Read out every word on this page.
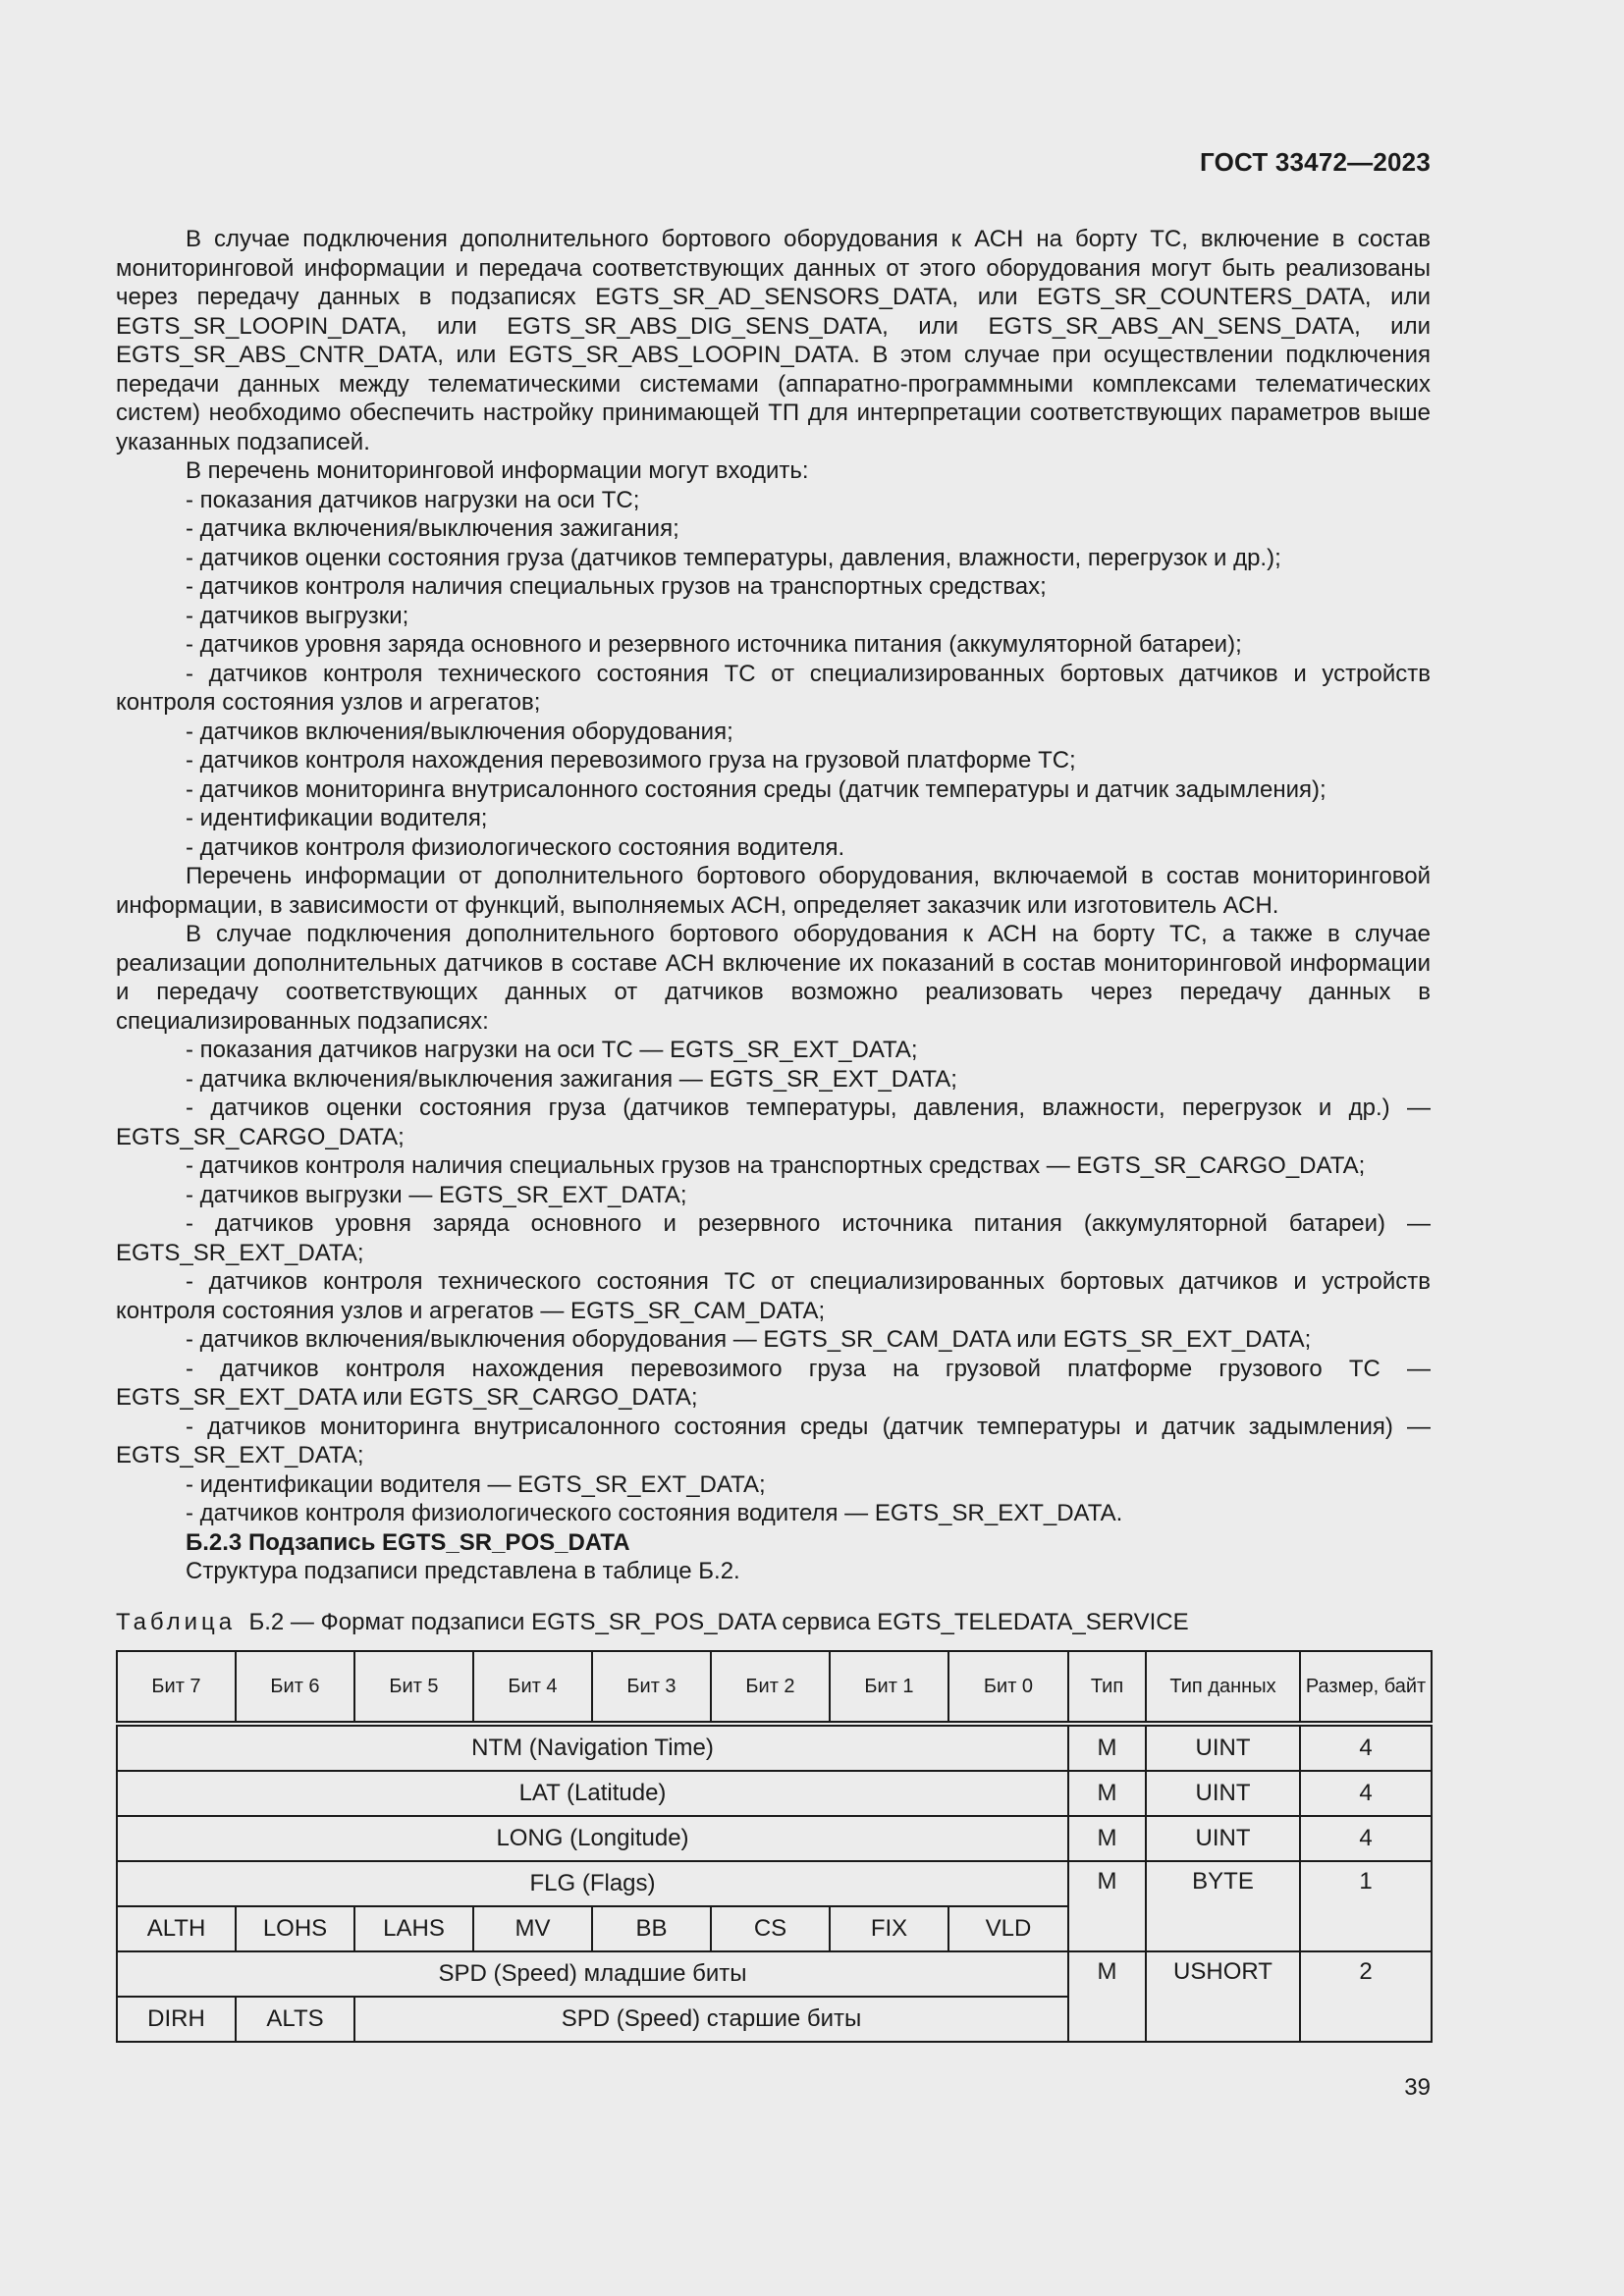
ГОСТ 33472—2023

В случае подключения дополнительного бортового оборудования к АСН на борту ТС, включение в состав мониторинговой информации и передача соответствующих данных от этого оборудования могут быть реализованы через передачу данных в подзаписях EGTS_SR_AD_SENSORS_DATA, или EGTS_SR_COUNTERS_DATA, или EGTS_SR_LOOPIN_DATA, или EGTS_SR_ABS_DIG_SENS_DATA, или EGTS_SR_ABS_AN_SENS_DATA, или EGTS_SR_ABS_CNTR_DATA, или EGTS_SR_ABS_LOOPIN_DATA. В этом случае при осуществлении подключения передачи данных между телематическими системами (аппаратно-программными комплексами телематических систем) необходимо обеспечить настройку принимающей ТП для интерпретации соответствующих параметров выше указанных подзаписей.

В перечень мониторинговой информации могут входить:

- показания датчиков нагрузки на оси ТС;

- датчика включения/выключения зажигания;

- датчиков оценки состояния груза (датчиков температуры, давления, влажности, перегрузок и др.);

- датчиков контроля наличия специальных грузов на транспортных средствах;

- датчиков выгрузки;

- датчиков уровня заряда основного и резервного источника питания (аккумуляторной батареи);

- датчиков контроля технического состояния ТС от специализированных бортовых датчиков и устройств контроля состояния узлов и агрегатов;

- датчиков включения/выключения оборудования;

- датчиков контроля нахождения перевозимого груза на грузовой платформе ТС;

- датчиков мониторинга внутрисалонного состояния среды (датчик температуры и датчик задымления);

- идентификации водителя;

- датчиков контроля физиологического состояния водителя.

Перечень информации от дополнительного бортового оборудования, включаемой в состав мониторинговой информации, в зависимости от функций, выполняемых АСН, определяет заказчик или изготовитель АСН.

В случае подключения дополнительного бортового оборудования к АСН на борту ТС, а также в случае реализации дополнительных датчиков в составе АСН включение их показаний в состав мониторинговой информации и передачу соответствующих данных от датчиков возможно реализовать через передачу данных в специализированных подзаписях:

- показания датчиков нагрузки на оси ТС — EGTS_SR_EXT_DATA;

- датчика включения/выключения зажигания — EGTS_SR_EXT_DATA;

- датчиков оценки состояния груза (датчиков температуры, давления, влажности, перегрузок и др.) — EGTS_SR_CARGO_DATA;

- датчиков контроля наличия специальных грузов на транспортных средствах — EGTS_SR_CARGO_DATA;

- датчиков выгрузки — EGTS_SR_EXT_DATA;

- датчиков уровня заряда основного и резервного источника питания (аккумуляторной батареи) — EGTS_SR_EXT_DATA;

- датчиков контроля технического состояния ТС от специализированных бортовых датчиков и устройств контроля состояния узлов и агрегатов — EGTS_SR_CAM_DATA;

- датчиков включения/выключения оборудования — EGTS_SR_CAM_DATA или EGTS_SR_EXT_DATA;

- датчиков контроля нахождения перевозимого груза на грузовой платформе грузового ТС — EGTS_SR_EXT_DATA или EGTS_SR_CARGO_DATA;

- датчиков мониторинга внутрисалонного состояния среды (датчик температуры и датчик задымления) — EGTS_SR_EXT_DATA;

- идентификации водителя — EGTS_SR_EXT_DATA;

- датчиков контроля физиологического состояния водителя — EGTS_SR_EXT_DATA.

Б.2.3 Подзапись EGTS_SR_POS_DATA

Структура подзаписи представлена в таблице Б.2.

Таблица Б.2 — Формат подзаписи EGTS_SR_POS_DATA сервиса EGTS_TELEDATA_SERVICE
Бит 7	Бит 6	Бит 5	Бит 4	Бит 3	Бит 2	Бит 1	Бит 0	Тип	Тип данных	Размер, байт
NTM (Navigation Time)								M	UINT	4
LAT (Latitude)								M	UINT	4
LONG (Longitude)								M	UINT	4
FLG (Flags)								M	BYTE	1
ALTH	LOHS	LAHS	MV	BB	CS	FIX	VLD			
SPD (Speed) младшие биты								M	USHORT	2
DIRH	ALTS	SPD (Speed) старшие биты								
39
